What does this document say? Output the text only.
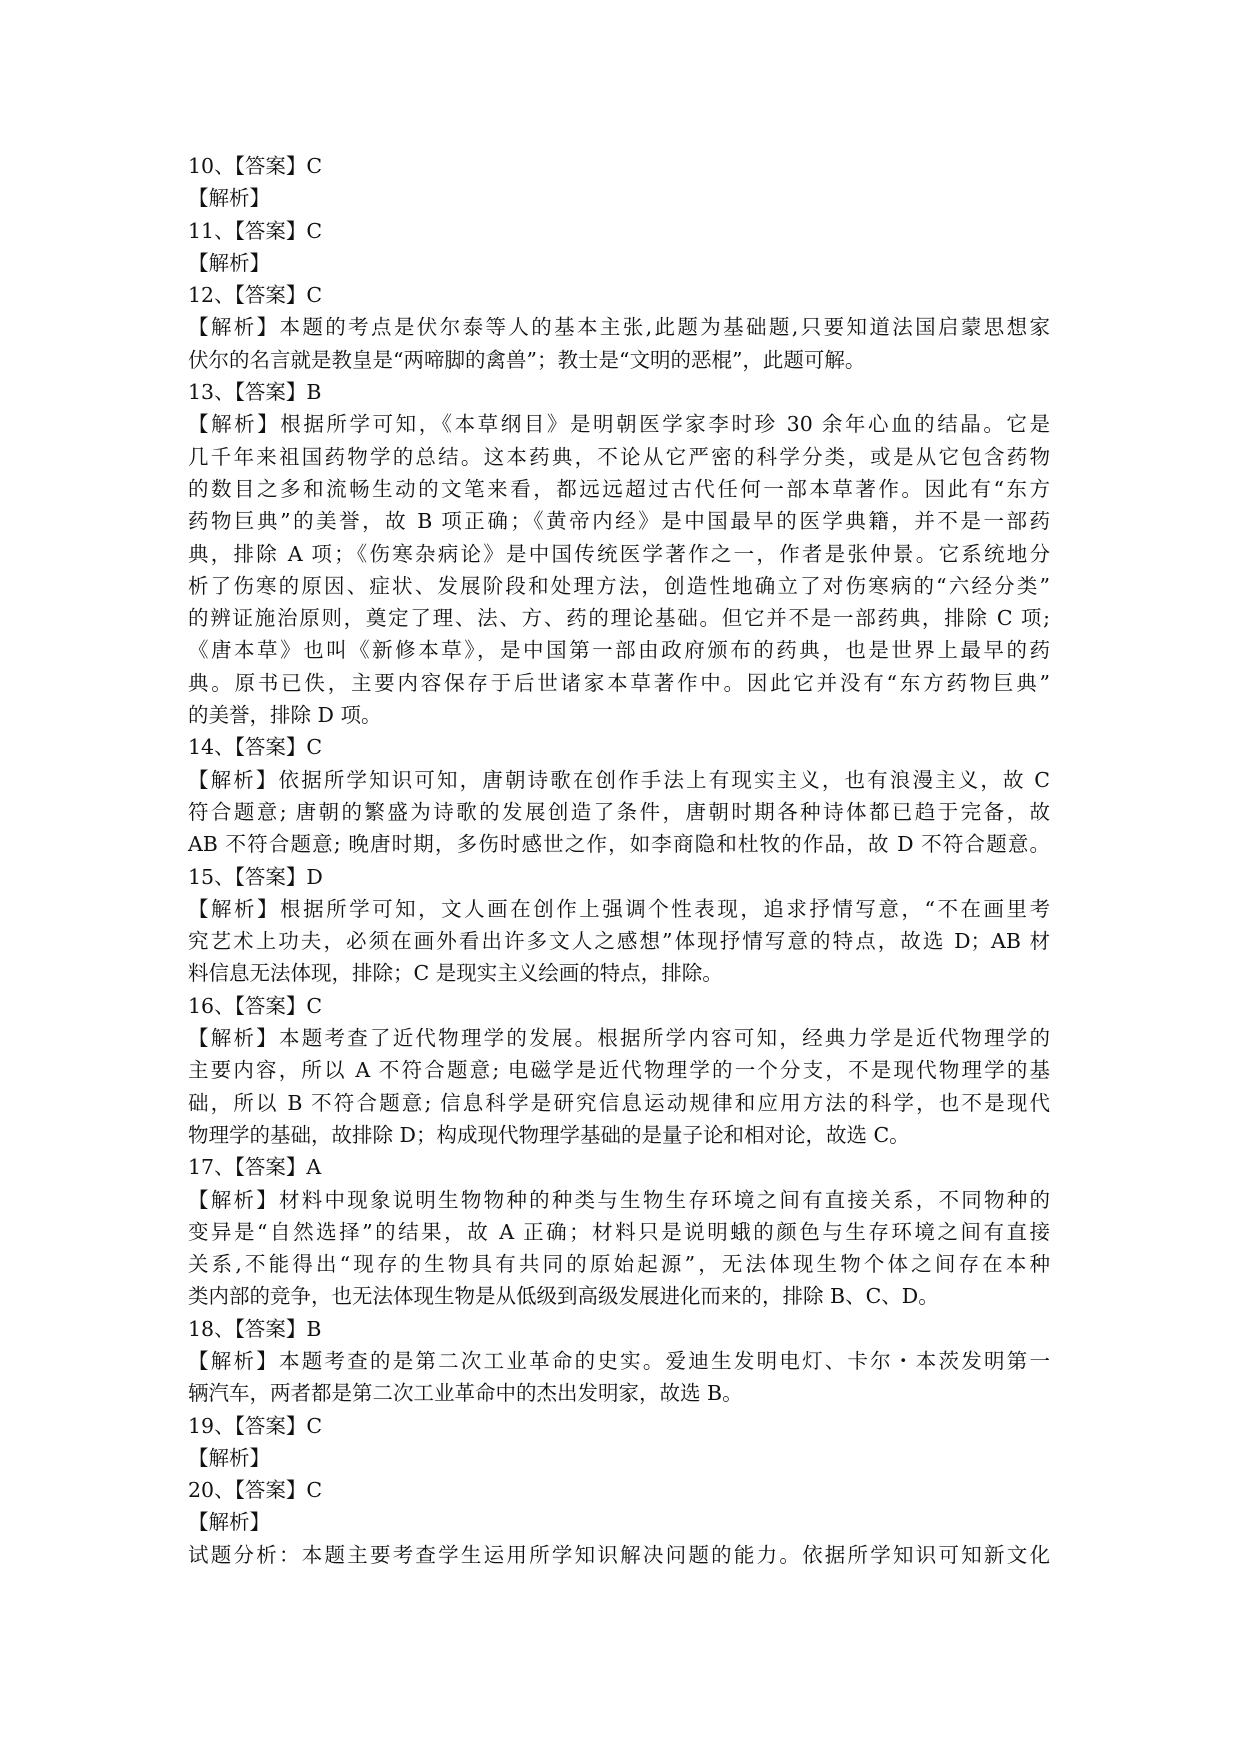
10、【答案】C
【解析】
11、【答案】C
【解析】
12、【答案】C
【解析】本题的考点是伏尔泰等人的基本主张,此题为基础题,只要知道法国启蒙思想家
伏尔的名言就是教皇是“两啼脚的禽兽”；教士是“文明的恶棍”，此题可解。
13、【答案】B
【解析】根据所学可知，《本草纲目》是明朝医学家李时珍 30 余年心血的结晶。它是
几千年来祖国药物学的总结。这本药典，不论从它严密的科学分类，或是从它包含药物
的数目之多和流畅生动的文笔来看，都远远超过古代任何一部本草著作。因此有“东方
药物巨典”的美誉，故 B 项正确；《黄帝内经》是中国最早的医学典籍，并不是一部药
典，排除 A 项；《伤寒杂病论》是中国传统医学著作之一，作者是张仲景。它系统地分
析了伤寒的原因、症状、发展阶段和处理方法，创造性地确立了对伤寒病的“六经分类”
的辨证施治原则，奠定了理、法、方、药的理论基础。但它并不是一部药典，排除 C 项;
《唐本草》也叫《新修本草》，是中国第一部由政府颁布的药典，也是世界上最早的药
典。原书已佚，主要内容保存于后世诸家本草著作中。因此它并没有“东方药物巨典”
的美誉，排除 D 项。
14、【答案】C
【解析】依据所学知识可知，唐朝诗歌在创作手法上有现实主义，也有浪漫主义，故 C
符合题意; 唐朝的繁盛为诗歌的发展创造了条件，唐朝时期各种诗体都已趋于完备，故
AB 不符合题意; 晚唐时期，多伤时感世之作，如李商隐和杜牧的作品，故 D 不符合题意。
15、【答案】D
【解析】根据所学可知，文人画在创作上强调个性表现，追求抒情写意，“不在画里考
究艺术上功夫，必须在画外看出许多文人之感想”体现抒情写意的特点，故选 D；AB 材
料信息无法体现，排除；C 是现实主义绘画的特点，排除。
16、【答案】C
【解析】本题考查了近代物理学的发展。根据所学内容可知，经典力学是近代物理学的
主要内容，所以 A 不符合题意; 电磁学是近代物理学的一个分支，不是现代物理学的基
础，所以 B 不符合题意; 信息科学是研究信息运动规律和应用方法的科学，也不是现代
物理学的基础，故排除 D；构成现代物理学基础的是量子论和相对论，故选 C。
17、【答案】A
【解析】材料中现象说明生物物种的种类与生物生存环境之间有直接关系，不同物种的
变异是“自然选择”的结果，故 A 正确；材料只是说明蛾的颜色与生存环境之间有直接
关系,不能得出“现存的生物具有共同的原始起源”，无法体现生物个体之间存在本种
类内部的竞争，也无法体现生物是从低级到高级发展进化而来的，排除 B、C、D。
18、【答案】B
【解析】本题考查的是第二次工业革命的史实。爱迪生发明电灯、卡尔・本茨发明第一
辆汽车，两者都是第二次工业革命中的杰出发明家，故选 B。
19、【答案】C
【解析】
20、【答案】C
【解析】
试题分析：本题主要考查学生运用所学知识解决问题的能力。依据所学知识可知新文化
